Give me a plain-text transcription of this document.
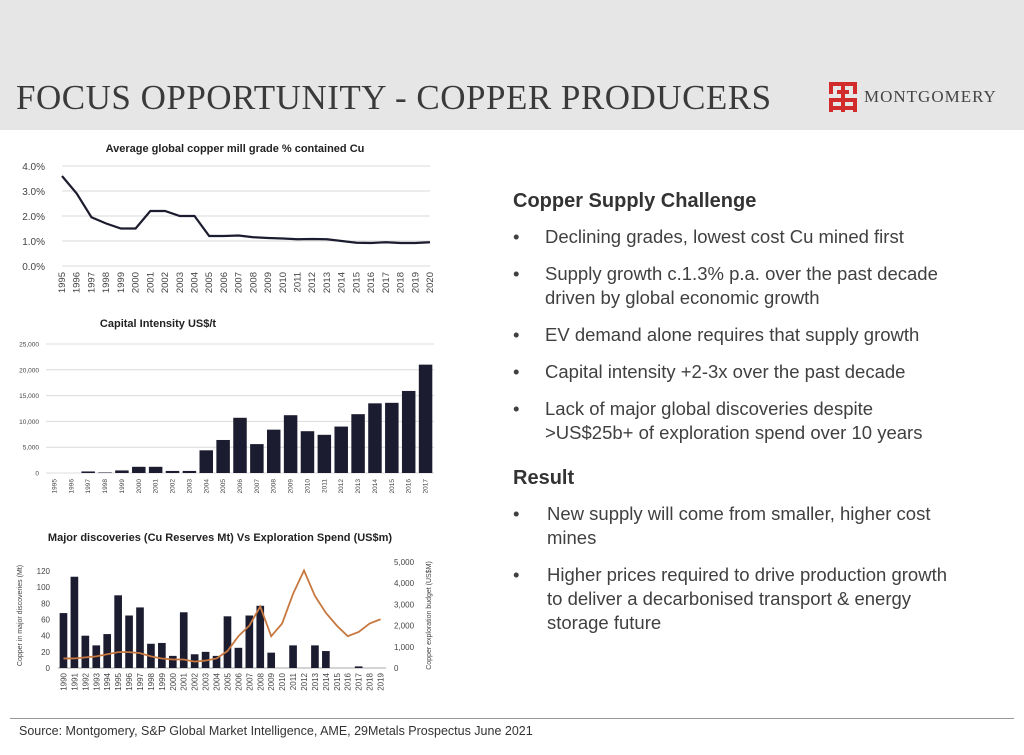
FOCUS OPPORTUNITY - COPPER PRODUCERS	MONTGOMERY
Average global copper mill grade % contained Cu
0.0%
1.0%
2.0%
3.0%
4.0%
1995 1996 1997 1998 1999 2000 2001 2002 2003 2004 2005 2006 2007 2008 2009 2010 2011 2012 2013 2014 2015 2016 2017 2018 2019 2020
Capital Intensity US$/t
0
5,000
10,000
15,000
20,000
25,000
1995 1996 1997 1998 1999 2000 2001 2002 2003 2004 2005 2006 2007 2008 2009 2010 2011 2012 2013 2014 2015 2016 2017
Major discoveries (Cu Reserves Mt) Vs Exploration Spend (US$m)
0
20
40
60
80
100
120
0
1,000
2,000
3,000
4,000
5,000
Copper in major discoveries (Mt)	Copper exploration budget (US$M)
1990 1991 1992 1993 1994 1995 1996 1997 1998 1999 2000 2001 2002 2003 2004 2005 2006 2007 2008 2009 2010 2011 2012 2013 2014 2015 2016 2017 2018 2019

Copper Supply Challenge

• Declining grades, lowest cost Cu mined first
• Supply growth c.1.3% p.a. over the past decade
driven by global economic growth
• EV demand alone requires that supply growth
• Capital intensity +2-3x over the past decade
• Lack of major global discoveries despite
>US$25b+ of exploration spend over 10 years

Result

• New supply will come from smaller, higher cost
mines
• Higher prices required to drive production growth
to deliver a decarbonised transport & energy
storage future
Source: Montgomery, S&P Global Market Intelligence, AME, 29Metals Prospectus June 2021
